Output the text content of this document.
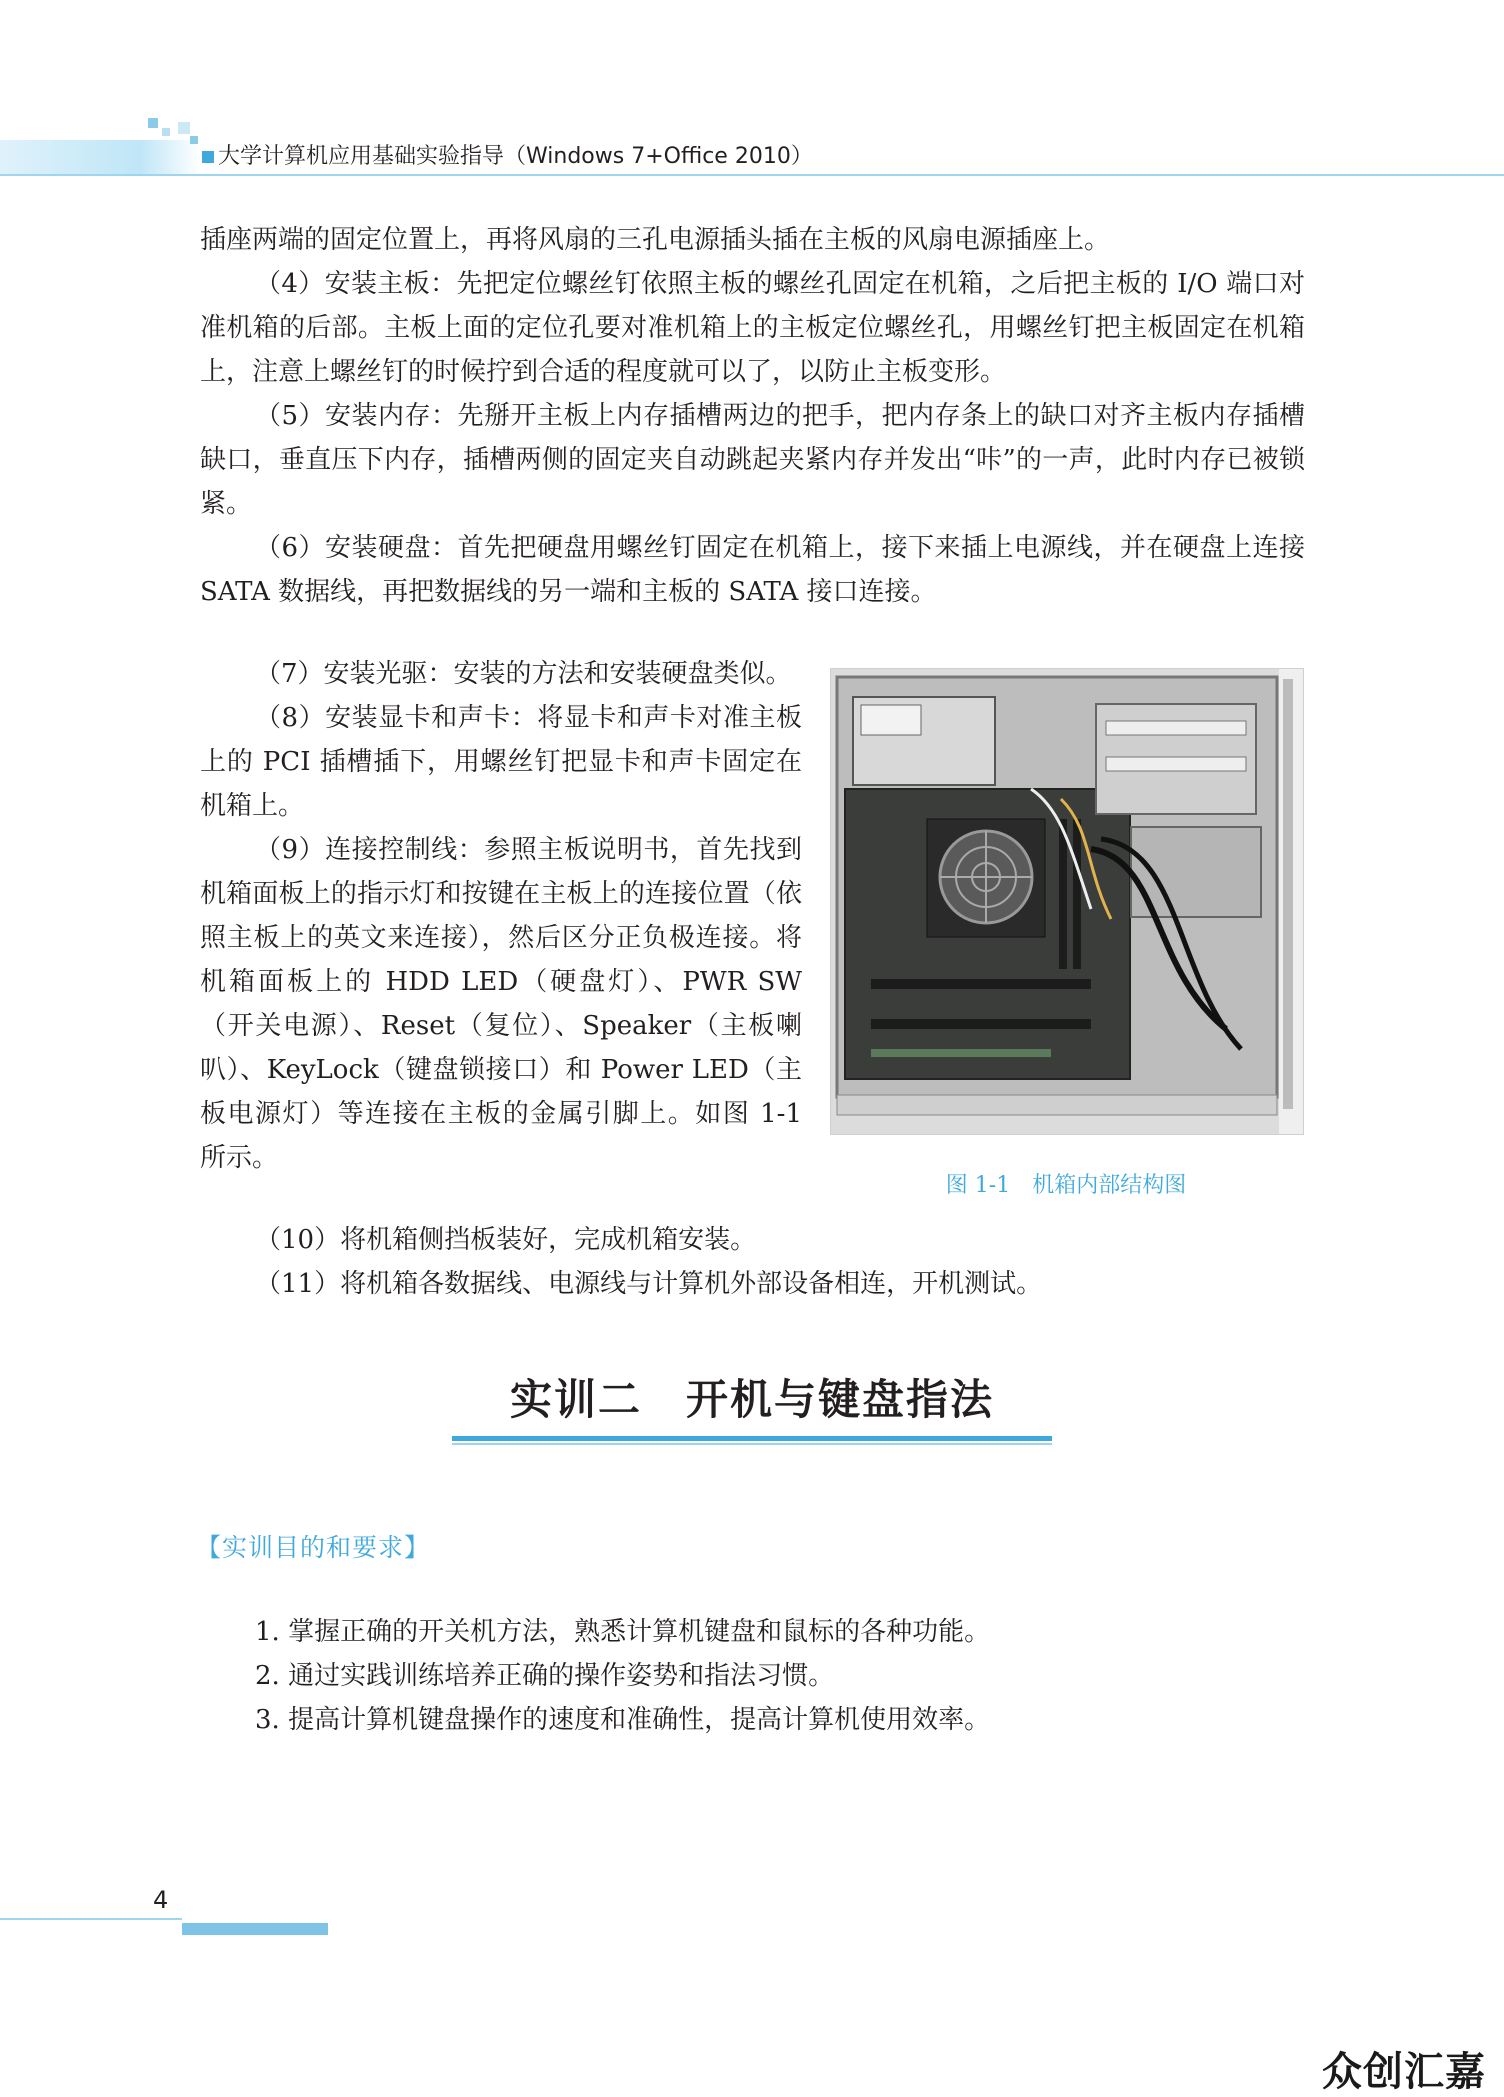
大学计算机应用基础实验指导（Windows 7+Office 2010）

插座两端的固定位置上，再将风扇的三孔电源插头插在主板的风扇电源插座上。

（4）安装主板：先把定位螺丝钉依照主板的螺丝孔固定在机箱，之后把主板的 I/O 端口对准机箱的后部。主板上面的定位孔要对准机箱上的主板定位螺丝孔，用螺丝钉把主板固定在机箱上，注意上螺丝钉的时候拧到合适的程度就可以了，以防止主板变形。

（5）安装内存：先掰开主板上内存插槽两边的把手，把内存条上的缺口对齐主板内存插槽缺口，垂直压下内存，插槽两侧的固定夹自动跳起夹紧内存并发出“咔”的一声，此时内存已被锁紧。

（6）安装硬盘：首先把硬盘用螺丝钉固定在机箱上，接下来插上电源线，并在硬盘上连接 SATA 数据线，再把数据线的另一端和主板的 SATA 接口连接。

（7）安装光驱：安装的方法和安装硬盘类似。

（8）安装显卡和声卡：将显卡和声卡对准主板上的 PCI 插槽插下，用螺丝钉把显卡和声卡固定在机箱上。

（9）连接控制线：参照主板说明书，首先找到机箱面板上的指示灯和按键在主板上的连接位置（依照主板上的英文来连接），然后区分正负极连接。将机箱面板上的 HDD LED（硬盘灯）、PWR SW（开关电源）、Reset（复位）、Speaker（主板喇叭）、KeyLock（键盘锁接口）和 Power LED（主板电源灯）等连接在主板的金属引脚上。如图 1-1 所示。

图 1-1　机箱内部结构图

（10）将机箱侧挡板装好，完成机箱安装。

（11）将机箱各数据线、电源线与计算机外部设备相连，开机测试。

实训二　开机与键盘指法
【实训目的和要求】
1. 掌握正确的开关机方法，熟悉计算机键盘和鼠标的各种功能。
2. 通过实践训练培养正确的操作姿势和指法习惯。
3. 提高计算机键盘操作的速度和准确性，提高计算机使用效率。
4
众创汇嘉
